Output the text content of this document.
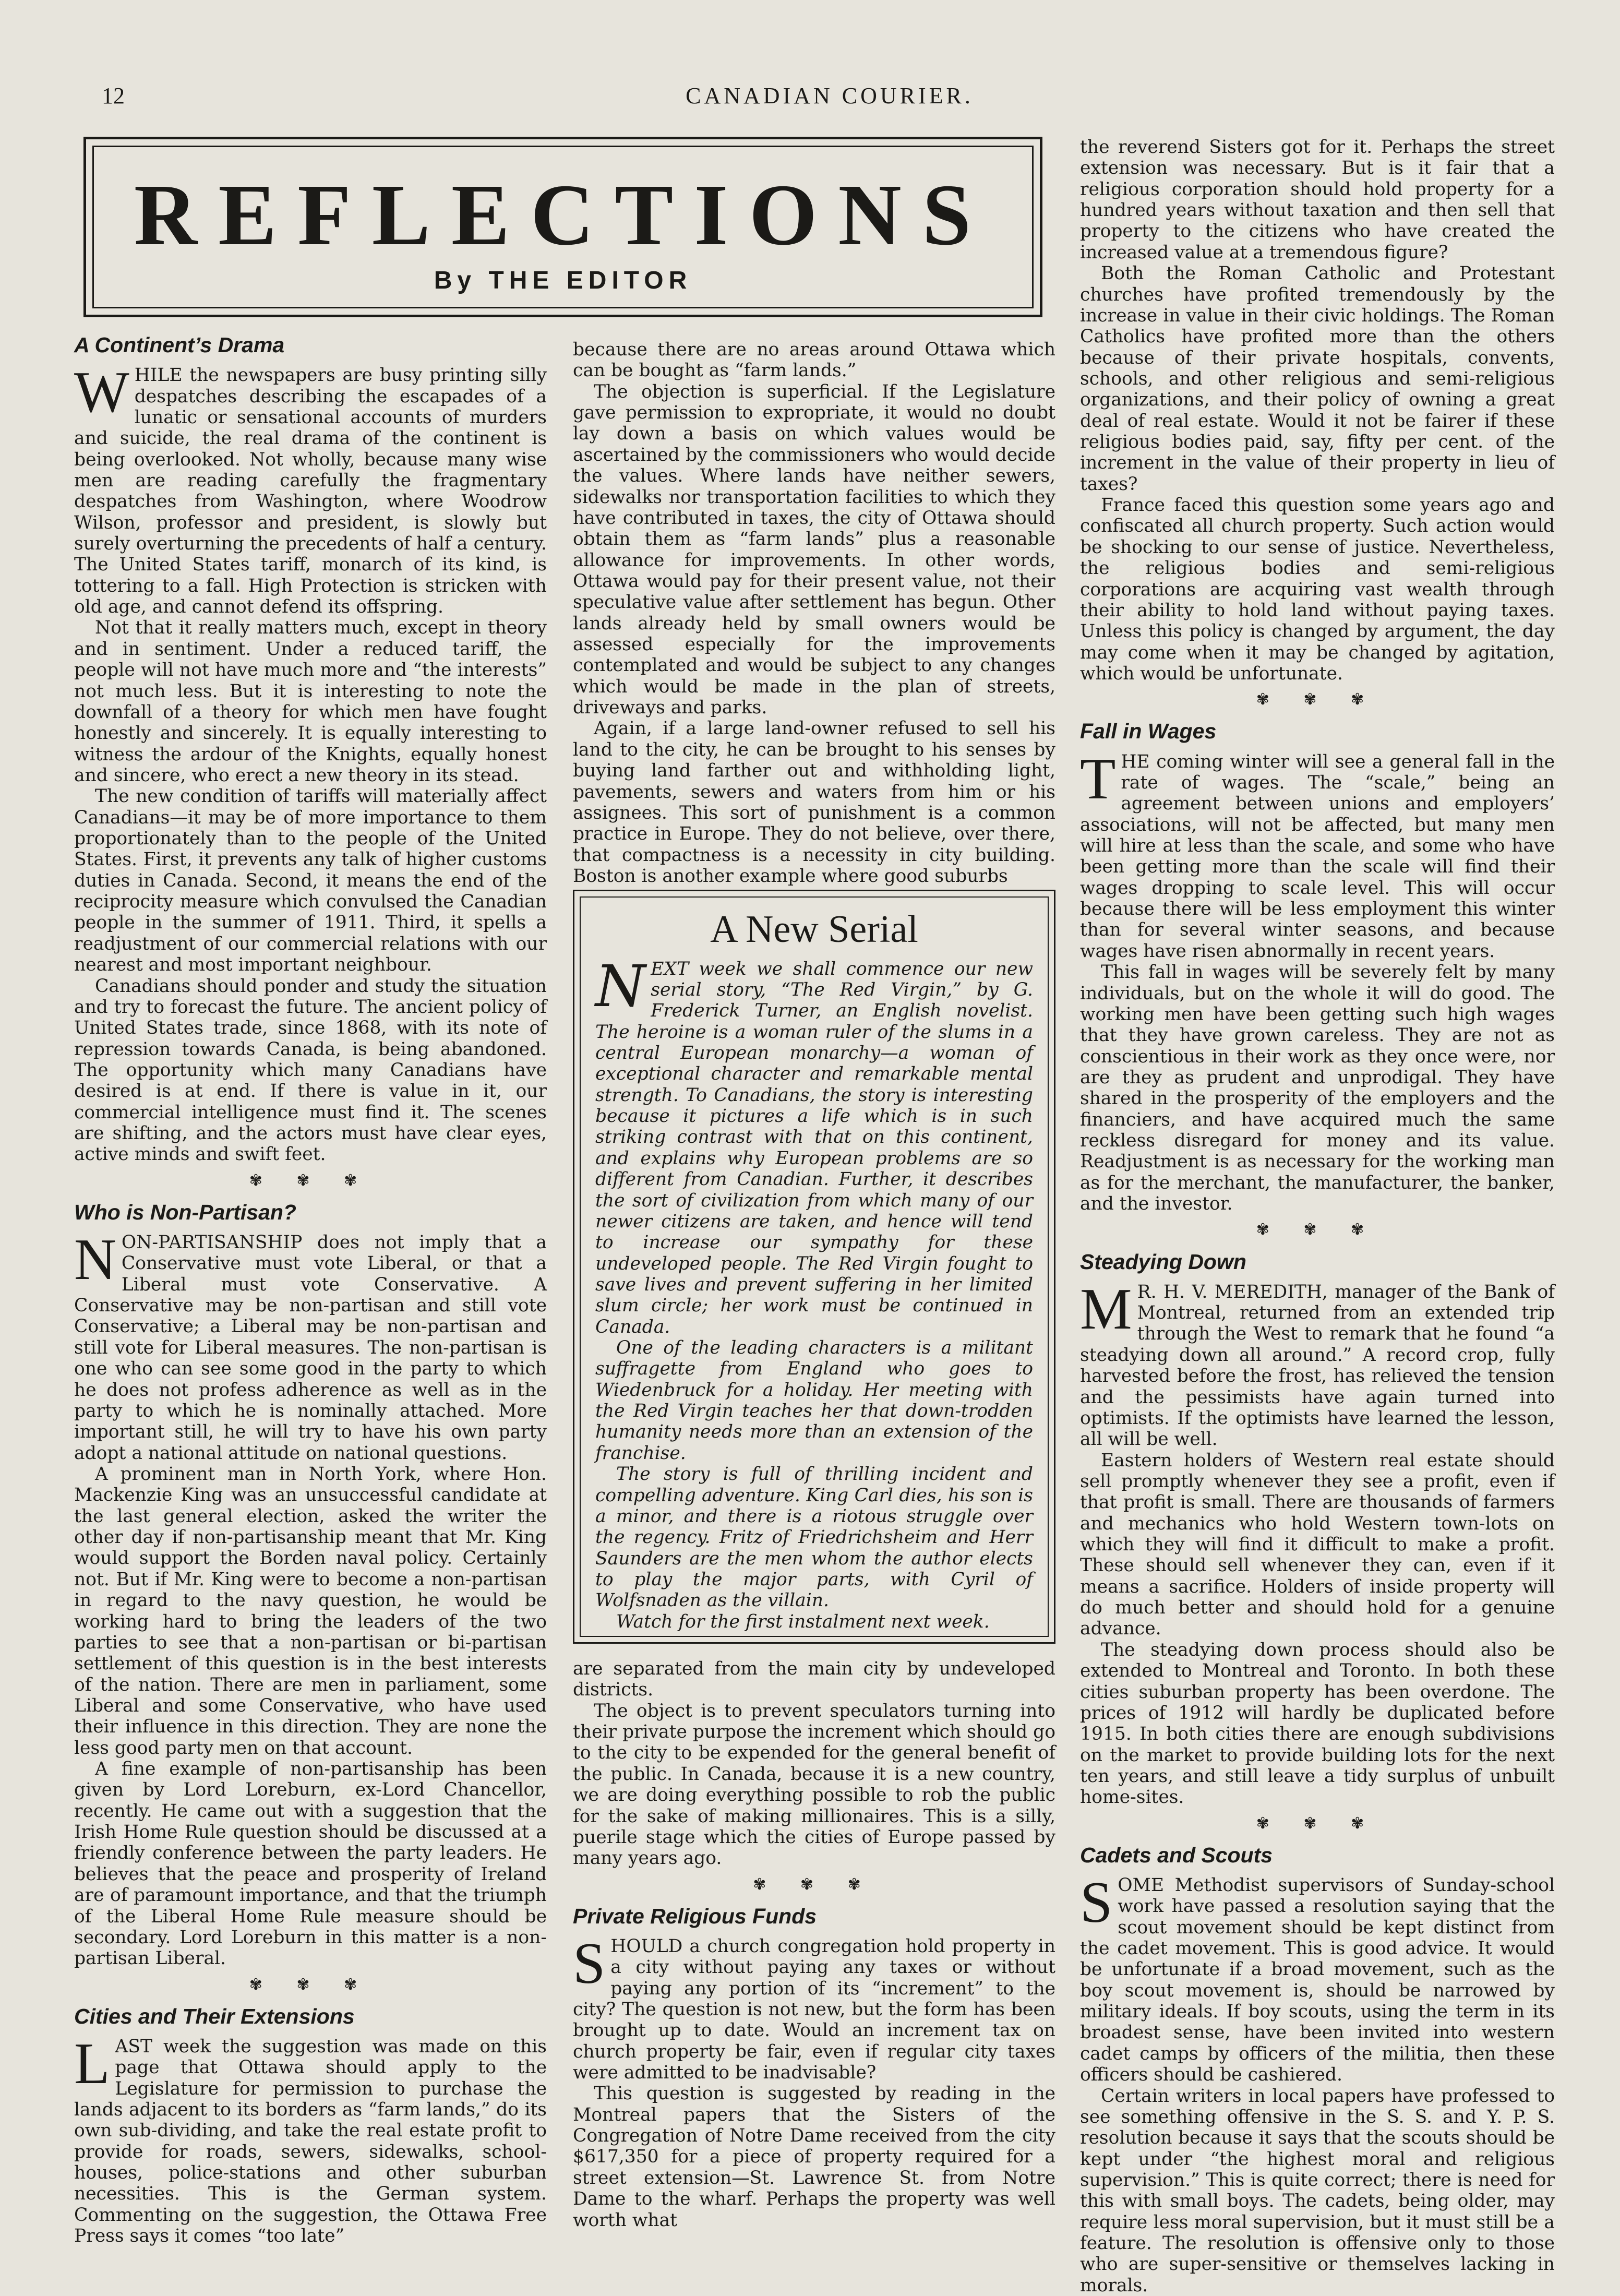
12	CANADIAN COURIER.
REFLECTIONS
By THE EDITOR
A Continent’s Drama

WHILE the newspapers are busy printing silly despatches describing the escapades of a lunatic or sensational accounts of murders and suicide, the real drama of the continent is being overlooked. Not wholly, because many wise men are reading carefully the fragmentary despatches from Washington, where Woodrow Wilson, professor and president, is slowly but surely overturning the precedents of half a century. The United States tariff, monarch of its kind, is tottering to a fall. High Protection is stricken with old age, and cannot defend its offspring.

Not that it really matters much, except in theory and in sentiment. Under a reduced tariff, the people will not have much more and “the interests” not much less. But it is interesting to note the downfall of a theory for which men have fought honestly and sincerely. It is equally interesting to witness the ardour of the Knights, equally honest and sincere, who erect a new theory in its stead.

The new condition of tariffs will materially affect Canadians—it may be of more importance to them proportionately than to the people of the United States. First, it prevents any talk of higher customs duties in Canada. Second, it means the end of the reciprocity measure which convulsed the Canadian people in the summer of 1911. Third, it spells a readjustment of our commercial relations with our nearest and most important neighbour.

Canadians should ponder and study the situation and try to forecast the future. The ancient policy of United States trade, since 1868, with its note of repression towards Canada, is being abandoned. The opportunity which many Canadians have desired is at end. If there is value in it, our commercial intelligence must find it. The scenes are shifting, and the actors must have clear eyes, active minds and swift feet.

✾ ✾ ✾
Who is Non-Partisan?

NON-PARTISANSHIP does not imply that a Conservative must vote Liberal, or that a Liberal must vote Conservative. A Conservative may be non-partisan and still vote Conservative; a Liberal may be non-partisan and still vote for Liberal measures. The non-partisan is one who can see some good in the party to which he does not profess adherence as well as in the party to which he is nominally attached. More important still, he will try to have his own party adopt a national attitude on national questions.

A prominent man in North York, where Hon. Mackenzie King was an unsuccessful candidate at the last general election, asked the writer the other day if non-partisanship meant that Mr. King would support the Borden naval policy. Certainly not. But if Mr. King were to become a non-partisan in regard to the navy question, he would be working hard to bring the leaders of the two parties to see that a non-partisan or bi-partisan settlement of this question is in the best interests of the nation. There are men in parliament, some Liberal and some Conservative, who have used their influence in this direction. They are none the less good party men on that account.

A fine example of non-partisanship has been given by Lord Loreburn, ex-Lord Chancellor, recently. He came out with a suggestion that the Irish Home Rule question should be discussed at a friendly conference between the party leaders. He believes that the peace and prosperity of Ireland are of paramount importance, and that the triumph of the Liberal Home Rule measure should be secondary. Lord Loreburn in this matter is a non-partisan Liberal.

✾ ✾ ✾
Cities and Their Extensions

LAST week the suggestion was made on this page that Ottawa should apply to the Legislature for permission to purchase the lands adjacent to its borders as “farm lands,” do its own sub-dividing, and take the real estate profit to provide for roads, sewers, sidewalks, school-houses, police-stations and other suburban necessities. This is the German system. Commenting on the suggestion, the Ottawa Free Press says it comes “too late”

because there are no areas around Ottawa which can be bought as “farm lands.”

The objection is superficial. If the Legislature gave permission to expropriate, it would no doubt lay down a basis on which values would be ascertained by the commissioners who would decide the values. Where lands have neither sewers, sidewalks nor transportation facilities to which they have contributed in taxes, the city of Ottawa should obtain them as “farm lands” plus a reasonable allowance for improvements. In other words, Ottawa would pay for their present value, not their speculative value after settlement has begun. Other lands already held by small owners would be assessed especially for the improvements contemplated and would be subject to any changes which would be made in the plan of streets, driveways and parks.

Again, if a large land-owner refused to sell his land to the city, he can be brought to his senses by buying land farther out and withholding light, pavements, sewers and waters from him or his assignees. This sort of punishment is a common practice in Europe. They do not believe, over there, that compactness is a necessity in city building. Boston is another example where good suburbs

A New Serial

NEXT week we shall commence our new serial story, “The Red Virgin,” by G. Frederick Turner, an English novelist. The heroine is a woman ruler of the slums in a central European monarchy—a woman of exceptional character and remarkable mental strength. To Canadians, the story is interesting because it pictures a life which is in such striking contrast with that on this continent, and explains why European problems are so different from Canadian. Further, it describes the sort of civilization from which many of our newer citizens are taken, and hence will tend to increase our sympathy for these undeveloped people. The Red Virgin fought to save lives and prevent suffering in her limited slum circle; her work must be continued in Canada.

One of the leading characters is a militant suffragette from England who goes to Wiedenbruck for a holiday. Her meeting with the Red Virgin teaches her that down-trodden humanity needs more than an extension of the franchise.

The story is full of thrilling incident and compelling adventure. King Carl dies, his son is a minor, and there is a riotous struggle over the regency. Fritz of Friedrichsheim and Herr Saunders are the men whom the author elects to play the major parts, with Cyril of Wolfsnaden as the villain.

Watch for the first instalment next week.

are separated from the main city by undeveloped districts.

The object is to prevent speculators turning into their private purpose the increment which should go to the city to be expended for the general benefit of the public. In Canada, because it is a new country, we are doing everything possible to rob the public for the sake of making millionaires. This is a silly, puerile stage which the cities of Europe passed by many years ago.

✾ ✾ ✾
Private Religious Funds

SHOULD a church congregation hold property in a city without paying any taxes or without paying any portion of its “increment” to the city? The question is not new, but the form has been brought up to date. Would an increment tax on church property be fair, even if regular city taxes were admitted to be inadvisable?

This question is suggested by reading in the Montreal papers that the Sisters of the Congregation of Notre Dame received from the city $617,350 for a piece of property required for a street extension—St. Lawrence St. from Notre Dame to the wharf. Perhaps the property was well worth what

the reverend Sisters got for it. Perhaps the street extension was necessary. But is it fair that a religious corporation should hold property for a hundred years without taxation and then sell that property to the citizens who have created the increased value at a tremendous figure?

Both the Roman Catholic and Protestant churches have profited tremendously by the increase in value in their civic holdings. The Roman Catholics have profited more than the others because of their private hospitals, convents, schools, and other religious and semi-religious organizations, and their policy of owning a great deal of real estate. Would it not be fairer if these religious bodies paid, say, fifty per cent. of the increment in the value of their property in lieu of taxes?

France faced this question some years ago and confiscated all church property. Such action would be shocking to our sense of justice. Nevertheless, the religious bodies and semi-religious corporations are acquiring vast wealth through their ability to hold land without paying taxes. Unless this policy is changed by argument, the day may come when it may be changed by agitation, which would be unfortunate.

✾ ✾ ✾
Fall in Wages

THE coming winter will see a general fall in the rate of wages. The “scale,” being an agreement between unions and employers’ associations, will not be affected, but many men will hire at less than the scale, and some who have been getting more than the scale will find their wages dropping to scale level. This will occur because there will be less employment this winter than for several winter seasons, and because wages have risen abnormally in recent years.

This fall in wages will be severely felt by many individuals, but on the whole it will do good. The working men have been getting such high wages that they have grown careless. They are not as conscientious in their work as they once were, nor are they as prudent and unprodigal. They have shared in the prosperity of the employers and the financiers, and have acquired much the same reckless disregard for money and its value. Readjustment is as necessary for the working man as for the merchant, the manufacturer, the banker, and the investor.

✾ ✾ ✾
Steadying Down

MR. H. V. MEREDITH, manager of the Bank of Montreal, returned from an extended trip through the West to remark that he found “a steadying down all around.” A record crop, fully harvested before the frost, has relieved the tension and the pessimists have again turned into optimists. If the optimists have learned the lesson, all will be well.

Eastern holders of Western real estate should sell promptly whenever they see a profit, even if that profit is small. There are thousands of farmers and mechanics who hold Western town-lots on which they will find it difficult to make a profit. These should sell whenever they can, even if it means a sacrifice. Holders of inside property will do much better and should hold for a genuine advance.

The steadying down process should also be extended to Montreal and Toronto. In both these cities suburban property has been overdone. The prices of 1912 will hardly be duplicated before 1915. In both cities there are enough subdivisions on the market to provide building lots for the next ten years, and still leave a tidy surplus of unbuilt home-sites.

✾ ✾ ✾
Cadets and Scouts

SOME Methodist supervisors of Sunday-school work have passed a resolution saying that the scout movement should be kept distinct from the cadet movement. This is good advice. It would be unfortunate if a broad movement, such as the boy scout movement is, should be narrowed by military ideals. If boy scouts, using the term in its broadest sense, have been invited into western cadet camps by officers of the militia, then these officers should be cashiered.

Certain writers in local papers have professed to see something offensive in the S. S. and Y. P. S. resolution because it says that the scouts should be kept under “the highest moral and religious supervision.” This is quite correct; there is need for this with small boys. The cadets, being older, may require less moral supervision, but it must still be a feature. The resolution is offensive only to those who are super-sensitive or themselves lacking in morals.
